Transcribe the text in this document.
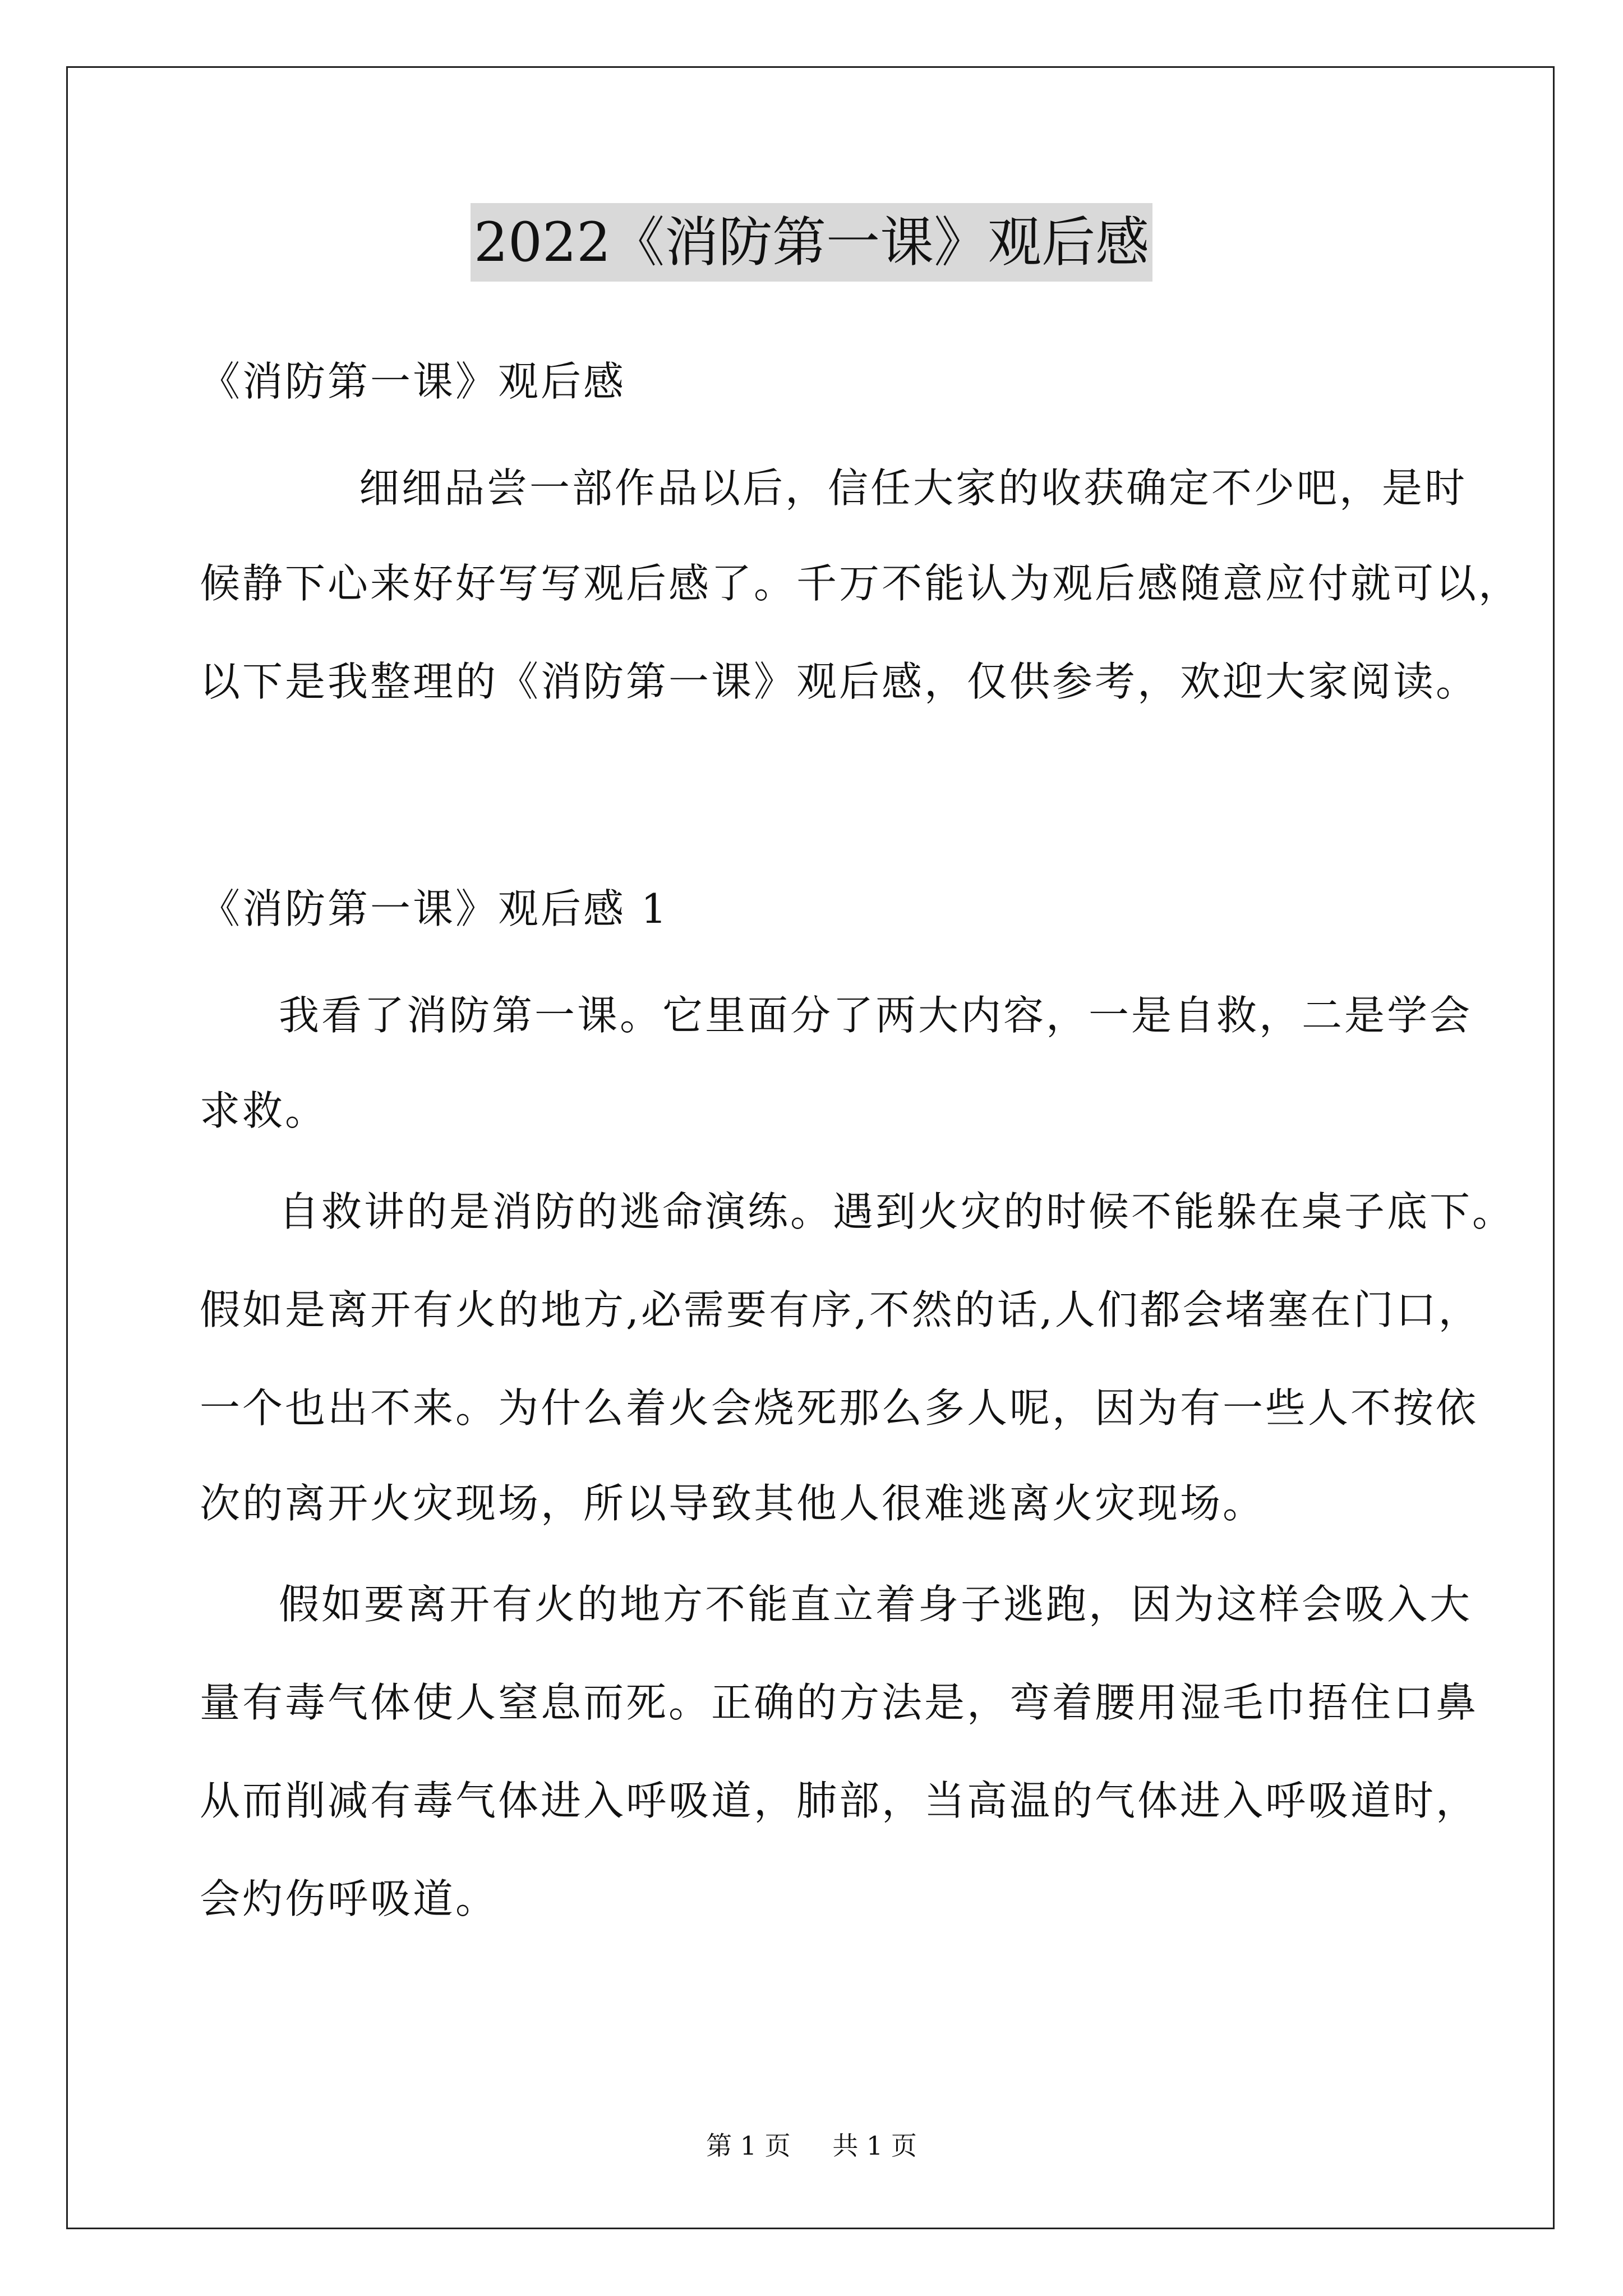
2022《消防第一课》观后感
《消防第一课》观后感
细细品尝一部作品以后，信任大家的收获确定不少吧，是时
候静下心来好好写写观后感了。千万不能认为观后感随意应付就可以，
以下是我整理的《消防第一课》观后感，仅供参考，欢迎大家阅读。
《消防第一课》观后感 1
我看了消防第一课。它里面分了两大内容，一是自救，二是学会
求救。
自救讲的是消防的逃命演练。遇到火灾的时候不能躲在桌子底下。
假如是离开有火的地方,必需要有序,不然的话,人们都会堵塞在门口，
一个也出不来。为什么着火会烧死那么多人呢，因为有一些人不按依
次的离开火灾现场，所以导致其他人很难逃离火灾现场。
假如要离开有火的地方不能直立着身子逃跑，因为这样会吸入大
量有毒气体使人窒息而死。正确的方法是，弯着腰用湿毛巾捂住口鼻
从而削减有毒气体进入呼吸道，肺部，当高温的气体进入呼吸道时，
会灼伤呼吸道。
第 1 页 共 1 页
